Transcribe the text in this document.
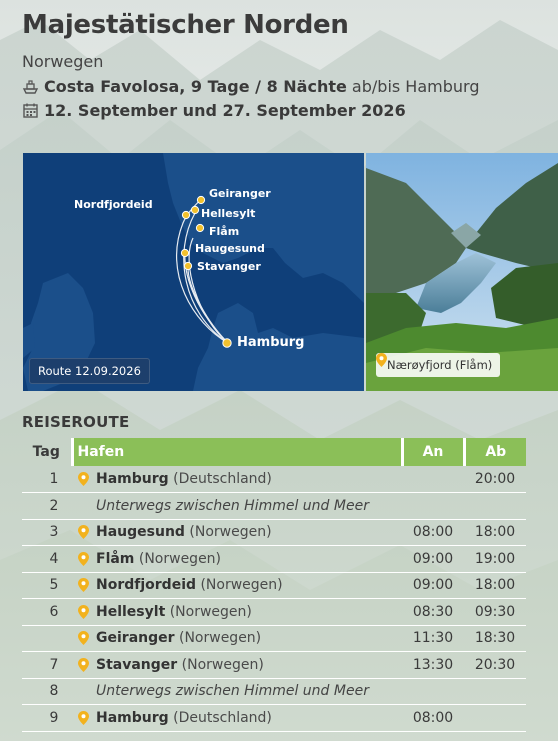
Majestätischer Norden
Norwegen
Costa Favolosa, 9 Tage / 8 Nächte ab/bis Hamburg
12. September und 27. September 2026
Nordfjordeid
Geiranger
Hellesylt
Flåm
Haugesund
Stavanger
Hamburg
Route 12.09.2026	Nærøyfjord (Flåm)
REISEROUTE
Tag	Hafen		An	Ab
1		Hamburg (Deutschland)		20:00
2	Unterwegs zwischen Himmel und Meer			
3		Haugesund (Norwegen)	08:00	18:00
4		Flåm (Norwegen)	09:00	19:00
5		Nordfjordeid (Norwegen)	09:00	18:00
6		Hellesylt (Norwegen)	08:30	09:30
		Geiranger (Norwegen)	11:30	18:30
7		Stavanger (Norwegen)	13:30	20:30
8	Unterwegs zwischen Himmel und Meer			
9		Hamburg (Deutschland)	08:00	
